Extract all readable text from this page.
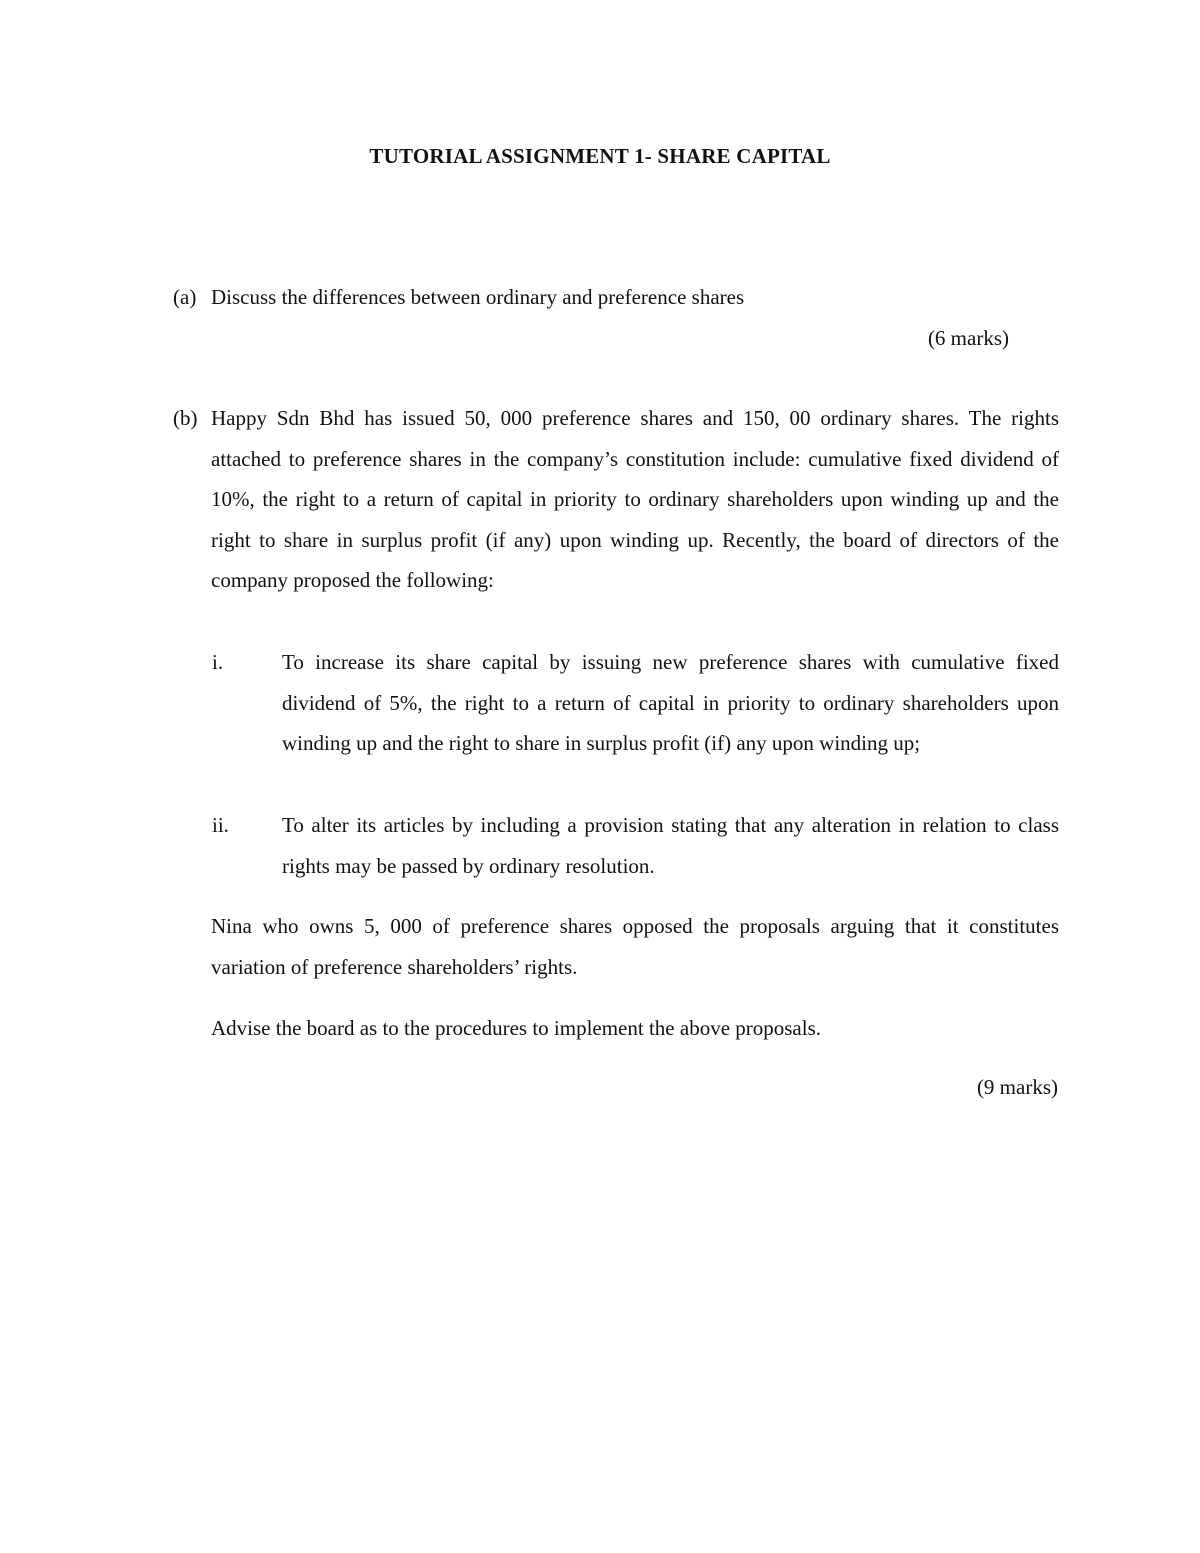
TUTORIAL ASSIGNMENT 1- SHARE CAPITAL
(a) Discuss the differences between ordinary and preference shares
(6 marks)
(b) Happy Sdn Bhd has issued 50, 000 preference shares and 150, 00 ordinary shares. The rights attached to preference shares in the company’s constitution include: cumulative fixed dividend of 10%, the right to a return of capital in priority to ordinary shareholders upon winding up and the right to share in surplus profit (if any) upon winding up. Recently, the board of directors of the company proposed the following:
i.	To increase its share capital by issuing new preference shares with cumulative fixed dividend of 5%, the right to a return of capital in priority to ordinary shareholders upon winding up and the right to share in surplus profit (if) any upon winding up;
ii.	To alter its articles by including a provision stating that any alteration in relation to class rights may be passed by ordinary resolution.
Nina who owns 5, 000 of preference shares opposed the proposals arguing that it constitutes variation of preference shareholders’ rights.
Advise the board as to the procedures to implement the above proposals.
(9 marks)
